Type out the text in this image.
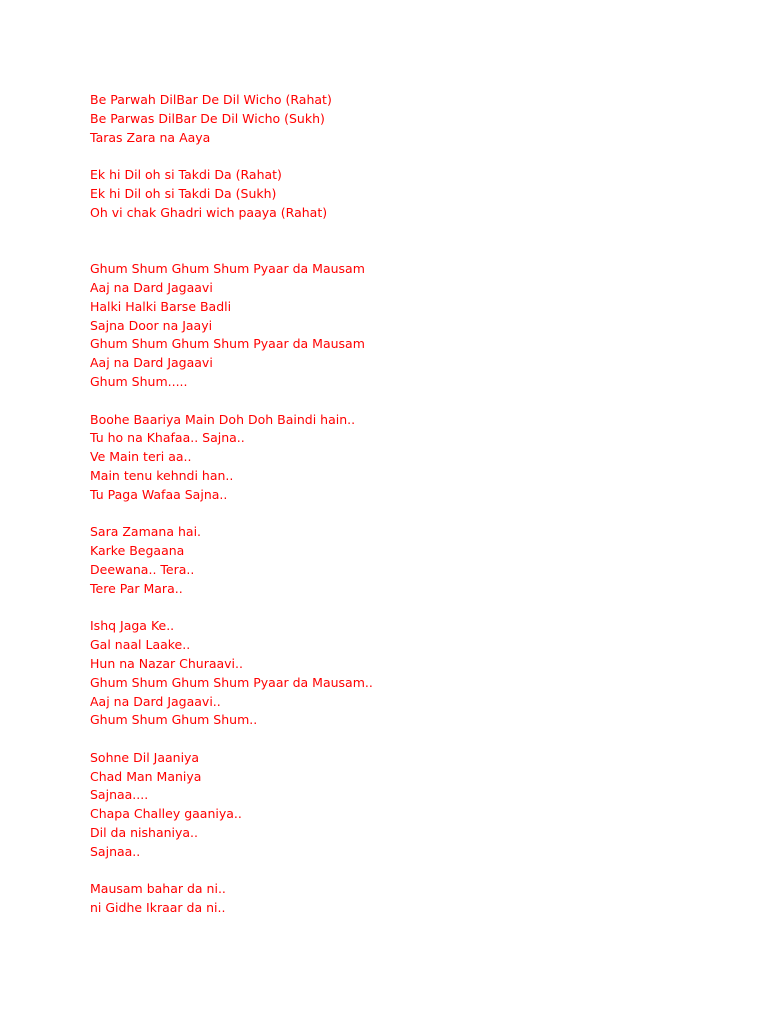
Be Parwah DilBar De Dil Wicho (Rahat)
Be Parwas DilBar De Dil Wicho (Sukh)
Taras Zara na Aaya
Ek hi Dil oh si Takdi Da (Rahat)
Ek hi Dil oh si Takdi Da (Sukh)
Oh vi chak Ghadri wich paaya (Rahat)
Ghum Shum Ghum Shum Pyaar da Mausam
Aaj na Dard Jagaavi
Halki Halki Barse Badli
Sajna Door na Jaayi
Ghum Shum Ghum Shum Pyaar da Mausam
Aaj na Dard Jagaavi
Ghum Shum.....
Boohe Baariya Main Doh Doh Baindi hain..
Tu ho na Khafaa.. Sajna..
Ve Main teri aa..
Main tenu kehndi han..
Tu Paga Wafaa Sajna..
Sara Zamana hai.
Karke Begaana
Deewana.. Tera..
Tere Par Mara..
Ishq Jaga Ke..
Gal naal Laake..
Hun na Nazar Churaavi..
Ghum Shum Ghum Shum Pyaar da Mausam..
Aaj na Dard Jagaavi..
Ghum Shum Ghum Shum..
Sohne Dil Jaaniya
Chad Man Maniya
Sajnaa....
Chapa Challey gaaniya..
Dil da nishaniya..
Sajnaa..
Mausam bahar da ni..
ni Gidhe Ikraar da ni..
